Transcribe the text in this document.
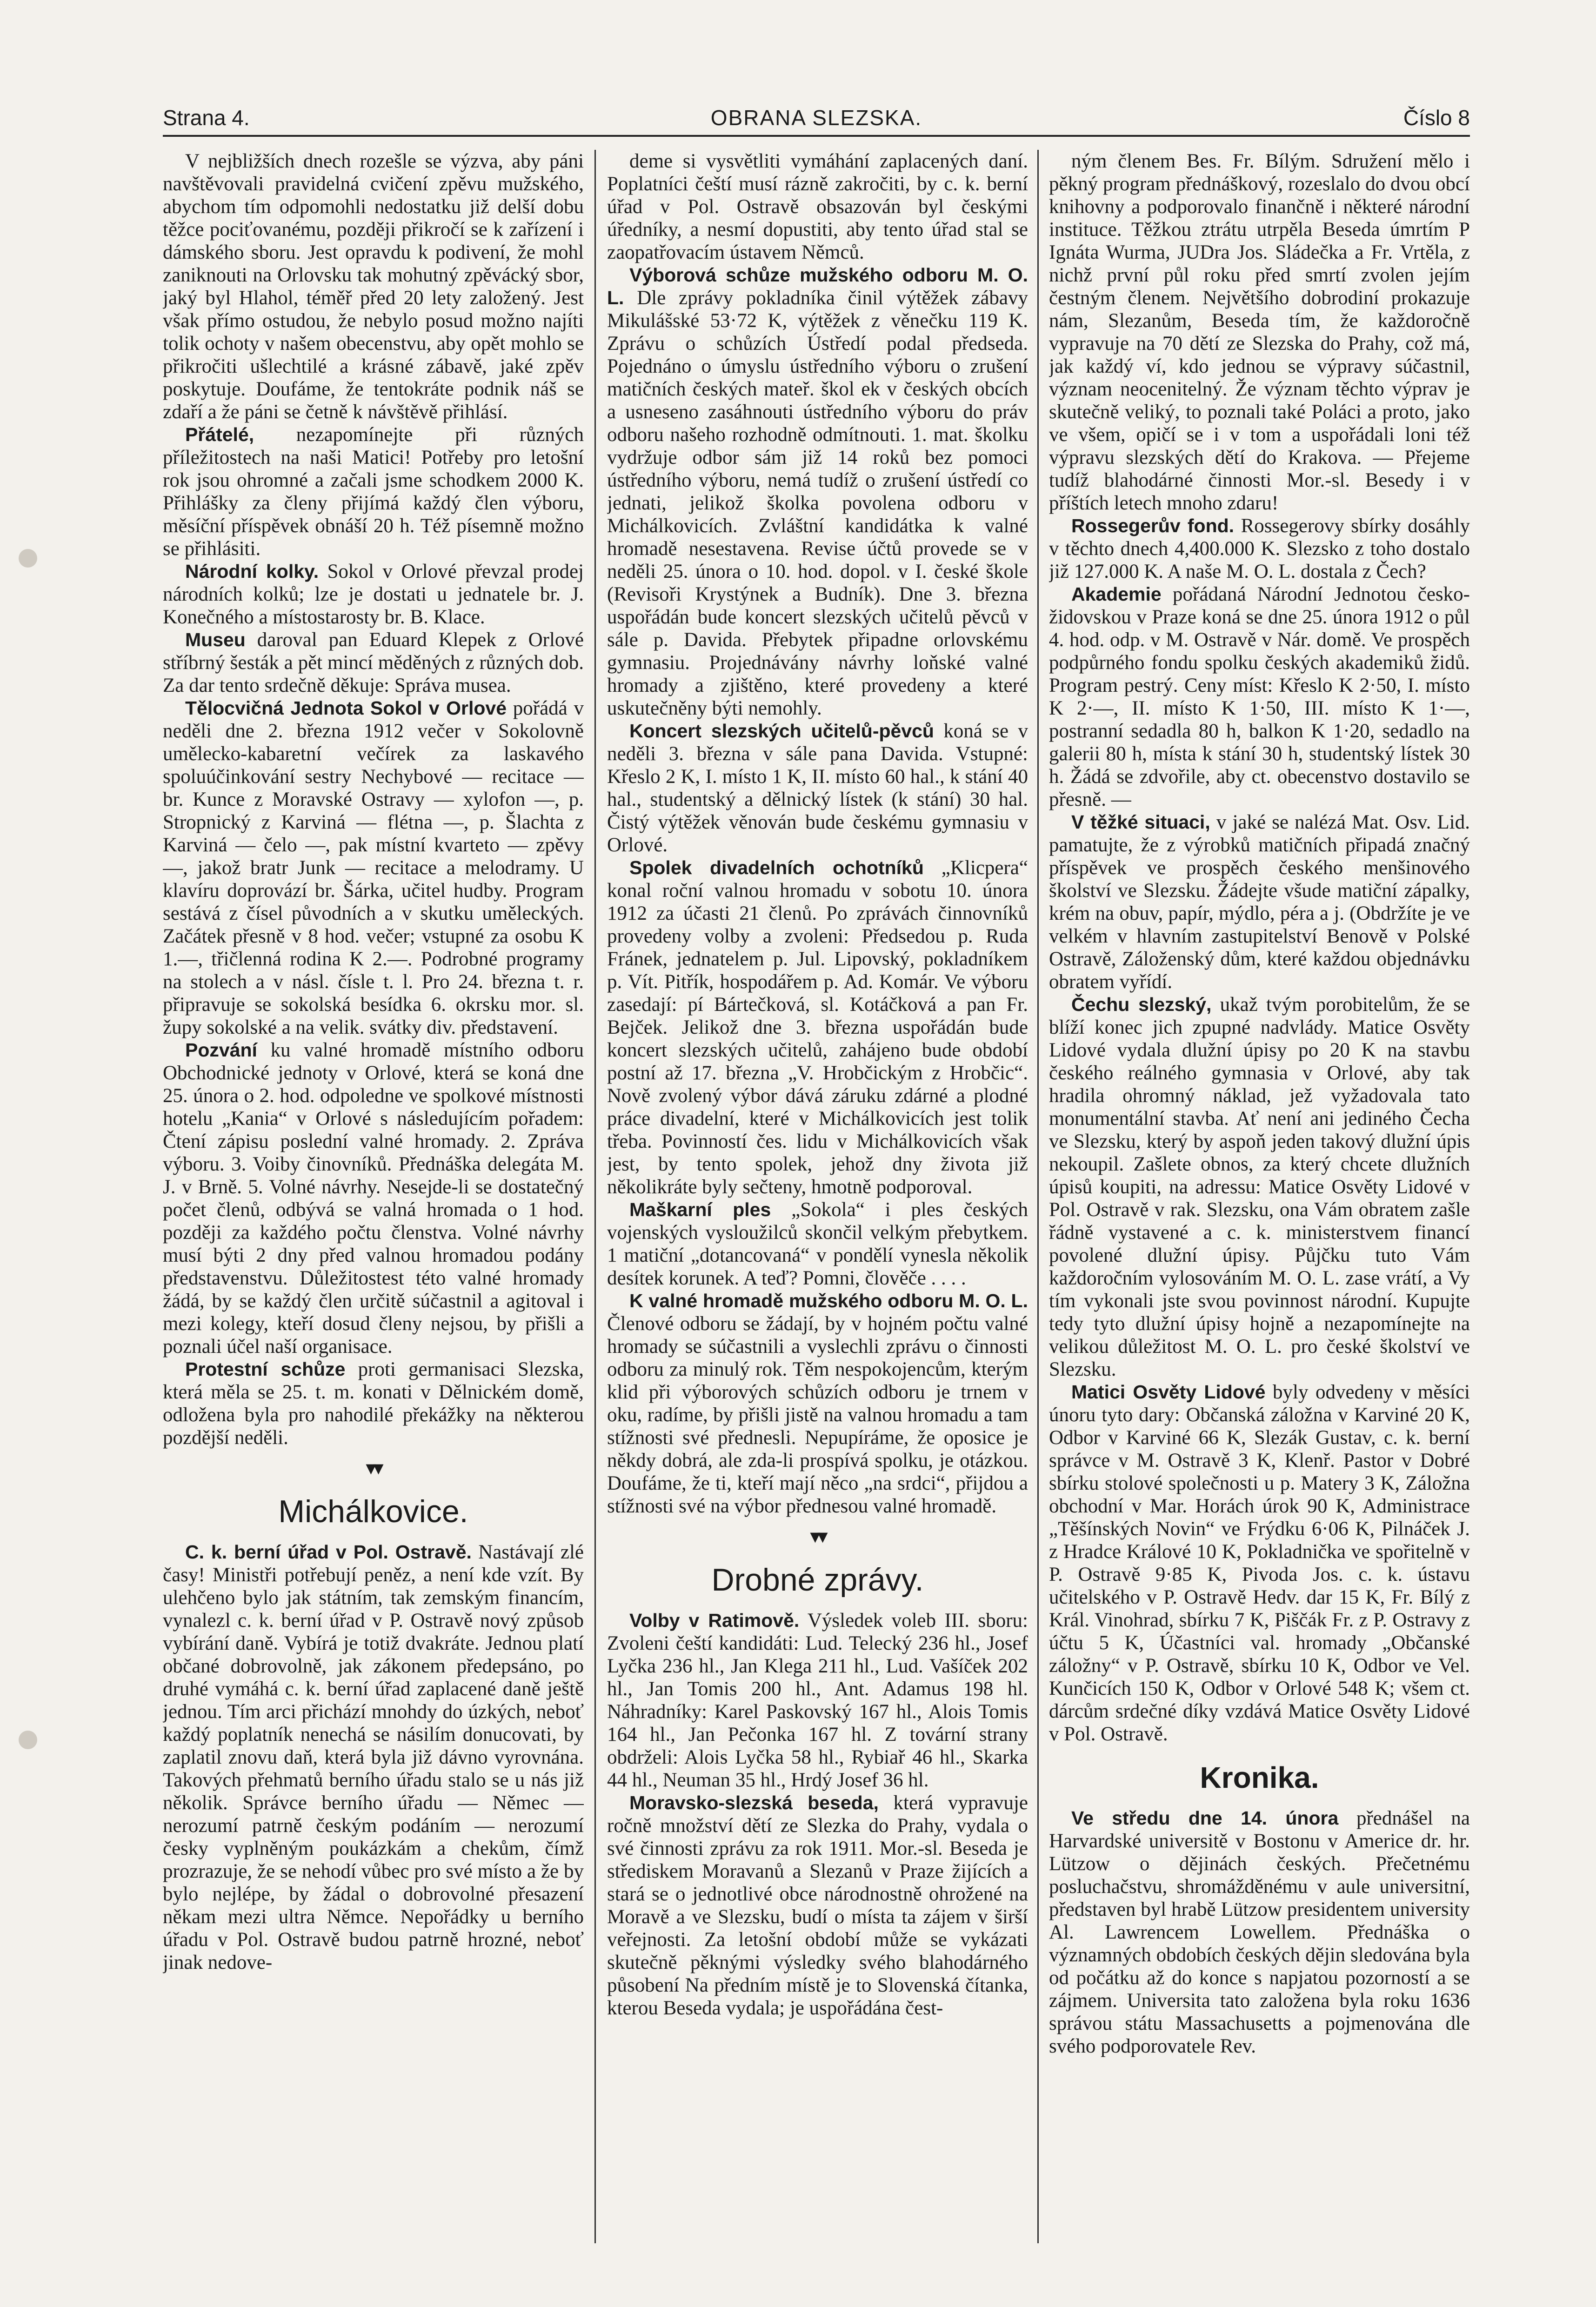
Strana 4.	OBRANA SLEZSKA.	Číslo 8

V nejbližších dnech rozešle se výzva, aby páni navštěvovali pravidelná cvičení zpěvu mužského, abychom tím odpomohli nedostatku již delší dobu těžce pociťovanému, později přikročí se k zařízení i dámského sboru. Jest opravdu k podivení, že mohl zaniknouti na Orlovsku tak mohutný zpěvácký sbor, jaký byl Hlahol, téměř před 20 lety založený. Jest však přímo ostudou, že nebylo posud možno najíti tolik ochoty v našem obecenstvu, aby opět mohlo se přikročiti ušlechtilé a krásné zábavě, jaké zpěv poskytuje. Doufáme, že tentokráte podnik náš se zdaří a že páni se četně k návštěvě přihlásí.

Přátelé, nezapomínejte při různých příležitostech na naši Matici! Potřeby pro letošní rok jsou ohromné a začali jsme schodkem 2000 K. Přihlášky za členy přijímá každý člen výboru, měsíční příspěvek obnáší 20 h. Též písemně možno se přihlásiti.

Národní kolky. Sokol v Orlové převzal prodej národních kolků; lze je dostati u jednatele br. J. Konečného a místostarosty br. B. Klace.

Museu daroval pan Eduard Klepek z Orlové stříbrný šesták a pět mincí měděných z různých dob. Za dar tento srdečně děkuje: Správa musea.

Tělocvičná Jednota Sokol v Orlové pořádá v neděli dne 2. března 1912 večer v Sokolovně umělecko-kabaretní večírek za laskavého spoluúčinkování sestry Nechybové — recitace — br. Kunce z Moravské Ostravy — xylofon —, p. Stropnický z Karviná — flétna —, p. Šlachta z Karviná — čelo —, pak místní kvarteto — zpěvy —, jakož bratr Junk — recitace a melodramy. U klavíru doprovází br. Šárka, učitel hudby. Program sestává z čísel původních a v skutku uměleckých. Začátek přesně v 8 hod. večer; vstupné za osobu K 1.—, třičlenná rodina K 2.—. Podrobné programy na stolech a v násl. čísle t. l. Pro 24. března t. r. připravuje se sokolská besídka 6. okrsku mor. sl. župy sokolské a na velik. svátky div. představení.

Pozvání ku valné hromadě místního odboru Obchodnické jednoty v Orlové, která se koná dne 25. února o 2. hod. odpoledne ve spolkové místnosti hotelu „Kania“ v Orlové s následujícím pořadem: Čtení zápisu poslední valné hromady. 2. Zpráva výboru. 3. Voiby činovníků. Přednáška delegáta M. J. v Brně. 5. Volné návrhy. Nesejde-li se dostatečný počet členů, odbývá se valná hromada o 1 hod. později za každého počtu členstva. Volné návrhy musí býti 2 dny před valnou hromadou podány představenstvu. Důležitostest této valné hromady žádá, by se každý člen určitě súčastnil a agitoval i mezi kolegy, kteří dosud členy nejsou, by přišli a poznali účel naší organisace.

Protestní schůze proti germanisaci Slezska, která měla se 25. t. m. konati v Dělnickém domě, odložena byla pro nahodilé překážky na některou pozdější neděli.

▾▾

Michálkovice.

C. k. berní úřad v Pol. Ostravě. Nastávají zlé časy! Ministři potřebují peněz, a není kde vzít. By ulehčeno bylo jak státním, tak zemským financím, vynalezl c. k. berní úřad v P. Ostravě nový způsob vybírání daně. Vybírá je totiž dvakráte. Jednou platí občané dobrovolně, jak zákonem předepsáno, po druhé vymáhá c. k. berní úřad zaplacené daně ještě jednou. Tím arci přichází mnohdy do úzkých, neboť každý poplatník nenechá se násilím donucovati, by zaplatil znovu daň, která byla již dávno vyrovnána. Takových přehmatů berního úřadu stalo se u nás již několik. Správce berního úřadu — Němec — nerozumí patrně českým podáním — nerozumí česky vyplněným poukázkám a chekům, čímž prozrazuje, že se nehodí vůbec pro své místo a že by bylo nejlépe, by žádal o dobrovolné přesazení někam mezi ultra Němce. Nepořádky u berního úřadu v Pol. Ostravě budou patrně hrozné, neboť jinak nedove-

deme si vysvětliti vymáhání zaplacených daní. Poplatníci čeští musí rázně zakročiti, by c. k. berní úřad v Pol. Ostravě obsazován byl českými úředníky, a nesmí dopustiti, aby tento úřad stal se zaopatřovacím ústavem Němců.

Výborová schůze mužského odboru M. O. L. Dle zprávy pokladníka činil výtěžek zábavy Mikulášské 53·72 K, výtěžek z věnečku 119 K. Zprávu o schůzích Ústředí podal předseda. Pojednáno o úmyslu ústředního výboru o zrušení matičních českých mateř. škol ek v českých obcích a usneseno zasáhnouti ústředního výboru do práv odboru našeho rozhodně odmítnouti. 1. mat. školku vydržuje odbor sám již 14 roků bez pomoci ústředního výboru, nemá tudíž o zrušení ústředí co jednati, jelikož školka povolena odboru v Michálkovicích. Zvláštní kandidátka k valné hromadě nesestavena. Revise účtů provede se v neděli 25. února o 10. hod. dopol. v I. české škole (Revisoři Krystýnek a Budník). Dne 3. března uspořádán bude koncert slezských učitelů pěvců v sále p. Davida. Přebytek připadne orlovskému gymnasiu. Projednávány návrhy loňské valné hromady a zjištěno, které provedeny a které uskutečněny býti nemohly.

Koncert slezských učitelů-pěvců koná se v neděli 3. března v sále pana Davida. Vstupné: Křeslo 2 K, I. místo 1 K, II. místo 60 hal., k stání 40 hal., studentský a dělnický lístek (k stání) 30 hal. Čistý výtěžek věnován bude českému gymnasiu v Orlové.

Spolek divadelních ochotníků „Klicpera“ konal roční valnou hromadu v sobotu 10. února 1912 za účasti 21 členů. Po zprávách činnovníků provedeny volby a zvoleni: Předsedou p. Ruda Fránek, jednatelem p. Jul. Lipovský, pokladníkem p. Vít. Pitřík, hospodářem p. Ad. Komár. Ve výboru zasedají: pí Bártečková, sl. Kotáčková a pan Fr. Bejček. Jelikož dne 3. března uspořádán bude koncert slezských učitelů, zahájeno bude období postní až 17. března „V. Hrobčickým z Hrobčic“. Nově zvolený výbor dává záruku zdárné a plodné práce divadelní, které v Michálkovicích jest tolik třeba. Povinností čes. lidu v Michálkovicích však jest, by tento spolek, jehož dny života již několikráte byly sečteny, hmotně podporoval.

Maškarní ples „Sokola“ i ples českých vojenských vysloužilců skončil velkým přebytkem. 1 matiční „dotancovaná“ v pondělí vynesla několik desítek korunek. A teď? Pomni, člověče . . . .

K valné hromadě mužského odboru M. O. L. Členové odboru se žádají, by v hojném počtu valné hromady se súčastnili a vyslechli zprávu o činnosti odboru za minulý rok. Těm nespokojencům, kterým klid při výborových schůzích odboru je trnem v oku, radíme, by přišli jistě na valnou hromadu a tam stížnosti své přednesli. Nepupíráme, že oposice je někdy dobrá, ale zda-li prospívá spolku, je otázkou. Doufáme, že ti, kteří mají něco „na srdci“, přijdou a stížnosti své na výbor přednesou valné hromadě.

▾▾

Drobné zprávy.

Volby v Ratimově. Výsledek voleb III. sboru: Zvoleni čeští kandidáti: Lud. Telecký 236 hl., Josef Lyčka 236 hl., Jan Klega 211 hl., Lud. Vašíček 202 hl., Jan Tomis 200 hl., Ant. Adamus 198 hl. Náhradníky: Karel Paskovský 167 hl., Alois Tomis 164 hl., Jan Pečonka 167 hl. Z tovární strany obdrželi: Alois Lyčka 58 hl., Rybiař 46 hl., Skarka 44 hl., Neuman 35 hl., Hrdý Josef 36 hl.

Moravsko-slezská beseda, která vypravuje ročně množství dětí ze Slezka do Prahy, vydala o své činnosti zprávu za rok 1911. Mor.-sl. Beseda je střediskem Moravanů a Slezanů v Praze žijících a stará se o jednotlivé obce národnostně ohrožené na Moravě a ve Slezsku, budí o místa ta zájem v širší veřejnosti. Za letošní období může se vykázati skutečně pěknými výsledky svého blahodárného působení Na předním místě je to Slovenská čítanka, kterou Beseda vydala; je uspořádána čest-

ným členem Bes. Fr. Bílým. Sdružení mělo i pěkný program přednáškový, rozeslalo do dvou obcí knihovny a podporovalo finančně i některé národní instituce. Těžkou ztrátu utrpěla Beseda úmrtím P Ignáta Wurma, JUDra Jos. Sládečka a Fr. Vrtěla, z nichž první půl roku před smrtí zvolen jejím čestným členem. Největšího dobrodiní prokazuje nám, Slezanům, Beseda tím, že každoročně vypravuje na 70 dětí ze Slezska do Prahy, což má, jak každý ví, kdo jednou se výpravy súčastnil, význam neocenitelný. Že význam těchto výprav je skutečně veliký, to poznali také Poláci a proto, jako ve všem, opičí se i v tom a uspořádali loni též výpravu slezských dětí do Krakova. — Přejeme tudíž blahodárné činnosti Mor.-sl. Besedy i v příštích letech mnoho zdaru!

Rossegerův fond. Rossegerovy sbírky dosáhly v těchto dnech 4,400.000 K. Slezsko z toho dostalo již 127.000 K. A naše M. O. L. dostala z Čech?

Akademie pořádaná Národní Jednotou česko-židovskou v Praze koná se dne 25. února 1912 o půl 4. hod. odp. v M. Ostravě v Nár. domě. Ve prospěch podpůrného fondu spolku českých akademiků židů. Program pestrý. Ceny míst: Křeslo K 2·50, I. místo K 2·—, II. místo K 1·50, III. místo K 1·—, postranní sedadla 80 h, balkon K 1·20, sedadlo na galerii 80 h, místa k stání 30 h, studentský lístek 30 h. Žádá se zdvořile, aby ct. obecenstvo dostavilo se přesně. —

V těžké situaci, v jaké se nalézá Mat. Osv. Lid. pamatujte, že z výrobků matičních připadá značný příspěvek ve prospěch českého menšinového školství ve Slezsku. Žádejte všude matiční zápalky, krém na obuv, papír, mýdlo, péra a j. (Obdržíte je ve velkém v hlavním zastupitelství Benově v Polské Ostravě, Záloženský dům, které každou objednávku obratem vyřídí.

Čechu slezský, ukaž tvým porobitelům, že se blíží konec jich zpupné nadvlády. Matice Osvěty Lidové vydala dlužní úpisy po 20 K na stavbu českého reálného gymnasia v Orlové, aby tak hradila ohromný náklad, jež vyžadovala tato monumentální stavba. Ať není ani jediného Čecha ve Slezsku, který by aspoň jeden takový dlužní úpis nekoupil. Zašlete obnos, za který chcete dlužních úpisů koupiti, na adressu: Matice Osvěty Lidové v Pol. Ostravě v rak. Slezsku, ona Vám obratem zašle řádně vystavené a c. k. ministerstvem financí povolené dlužní úpisy. Půjčku tuto Vám každoročním vylosováním M. O. L. zase vrátí, a Vy tím vykonali jste svou povinnost národní. Kupujte tedy tyto dlužní úpisy hojně a nezapomínejte na velikou důležitost M. O. L. pro české školství ve Slezsku.

Matici Osvěty Lidové byly odvedeny v měsíci únoru tyto dary: Občanská záložna v Karviné 20 K, Odbor v Karviné 66 K, Slezák Gustav, c. k. berní správce v M. Ostravě 3 K, Klenř. Pastor v Dobré sbírku stolové společnosti u p. Matery 3 K, Záložna obchodní v Mar. Horách úrok 90 K, Administrace „Těšínských Novin“ ve Frýdku 6·06 K, Pilnáček J. z Hradce Králové 10 K, Pokladnička ve spořitelně v P. Ostravě 9·85 K, Pivoda Jos. c. k. ústavu učitelského v P. Ostravě Hedv. dar 15 K, Fr. Bílý z Král. Vinohrad, sbírku 7 K, Piščák Fr. z P. Ostravy z účtu 5 K, Účastníci val. hromady „Občanské záložny“ v P. Ostravě, sbírku 10 K, Odbor ve Vel. Kunčicích 150 K, Odbor v Orlové 548 K; všem ct. dárcům srdečné díky vzdává Matice Osvěty Lidové v Pol. Ostravě.

Kronika.

Ve středu dne 14. února přednášel na Harvardské universitě v Bostonu v Americe dr. hr. Lützow o dějinách českých. Přečetnému posluchačstvu, shromážděnému v aule universitní, představen byl hrabě Lützow presidentem university Al. Lawrencem Lowellem. Přednáška o významných obdobích českých dějin sledována byla od počátku až do konce s napjatou pozorností a se zájmem. Universita tato založena byla roku 1636 správou státu Massachusetts a pojmenována dle svého podporovatele Rev.
